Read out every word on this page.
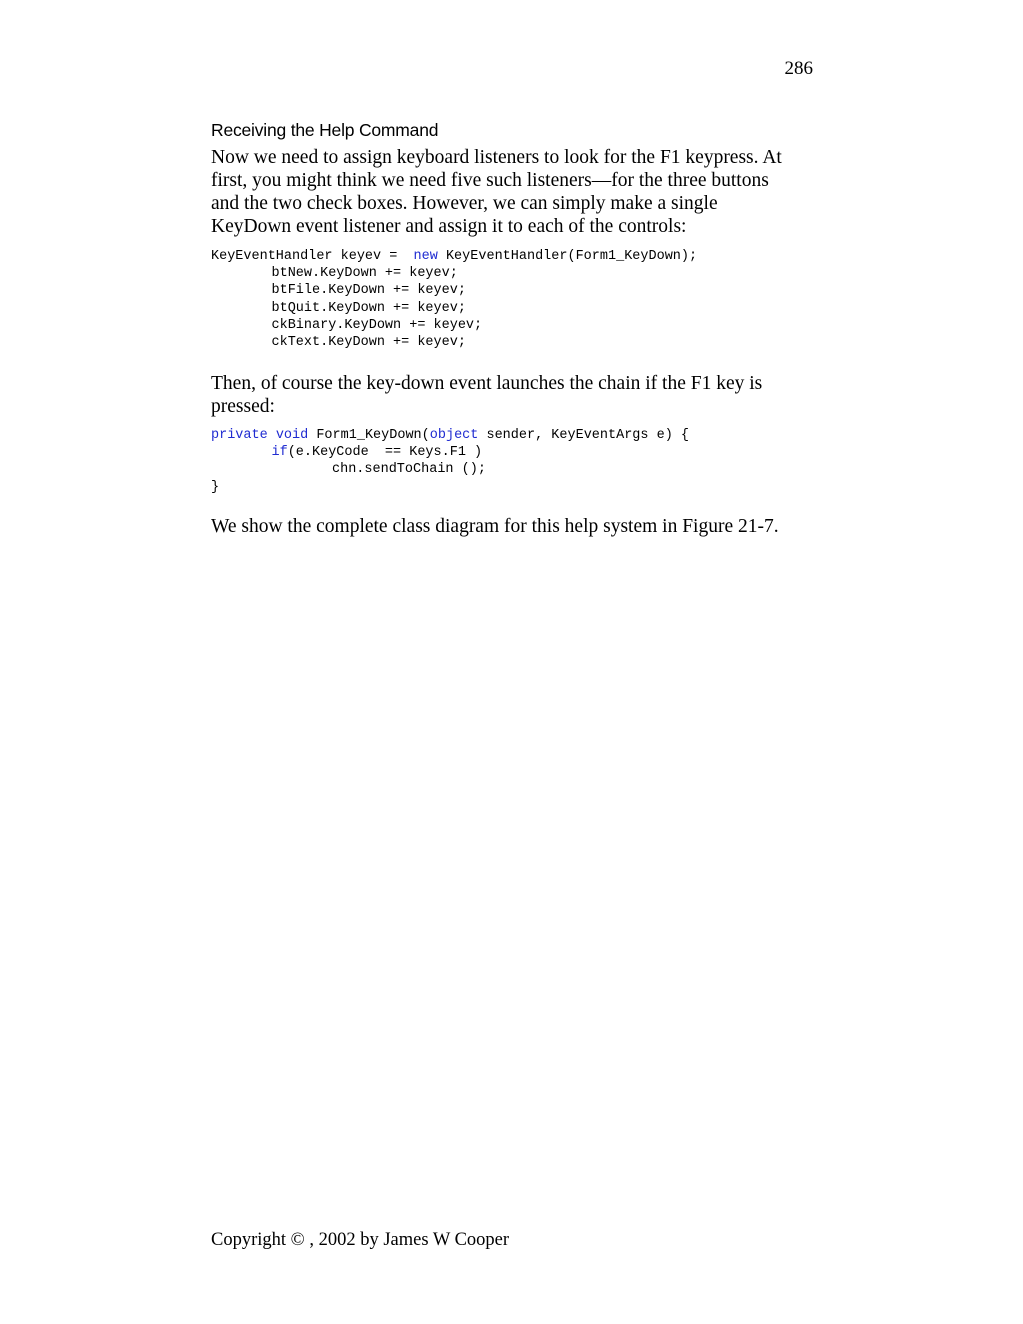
286
Receiving the Help Command

Now we need to assign keyboard listeners to look for the F1 keypress. At
first, you might think we need five such listeners—for the three buttons
and the two check boxes. However, we can simply make a single
KeyDown event listener and assign it to each of the controls:

KeyEventHandler keyev =  new KeyEventHandler(Form1_KeyDown);
btNew.KeyDown += keyev;
btFile.KeyDown += keyev;
btQuit.KeyDown += keyev;
ckBinary.KeyDown += keyev;
ckText.KeyDown += keyev;

Then, of course the key-down event launches the chain if the F1 key is
pressed:

private void Form1_KeyDown(object sender, KeyEventArgs e) {
if(e.KeyCode  == Keys.F1 )
chn.sendToChain ();
}

We show the complete class diagram for this help system in Figure 21-7.

Copyright © , 2002 by James W Cooper
